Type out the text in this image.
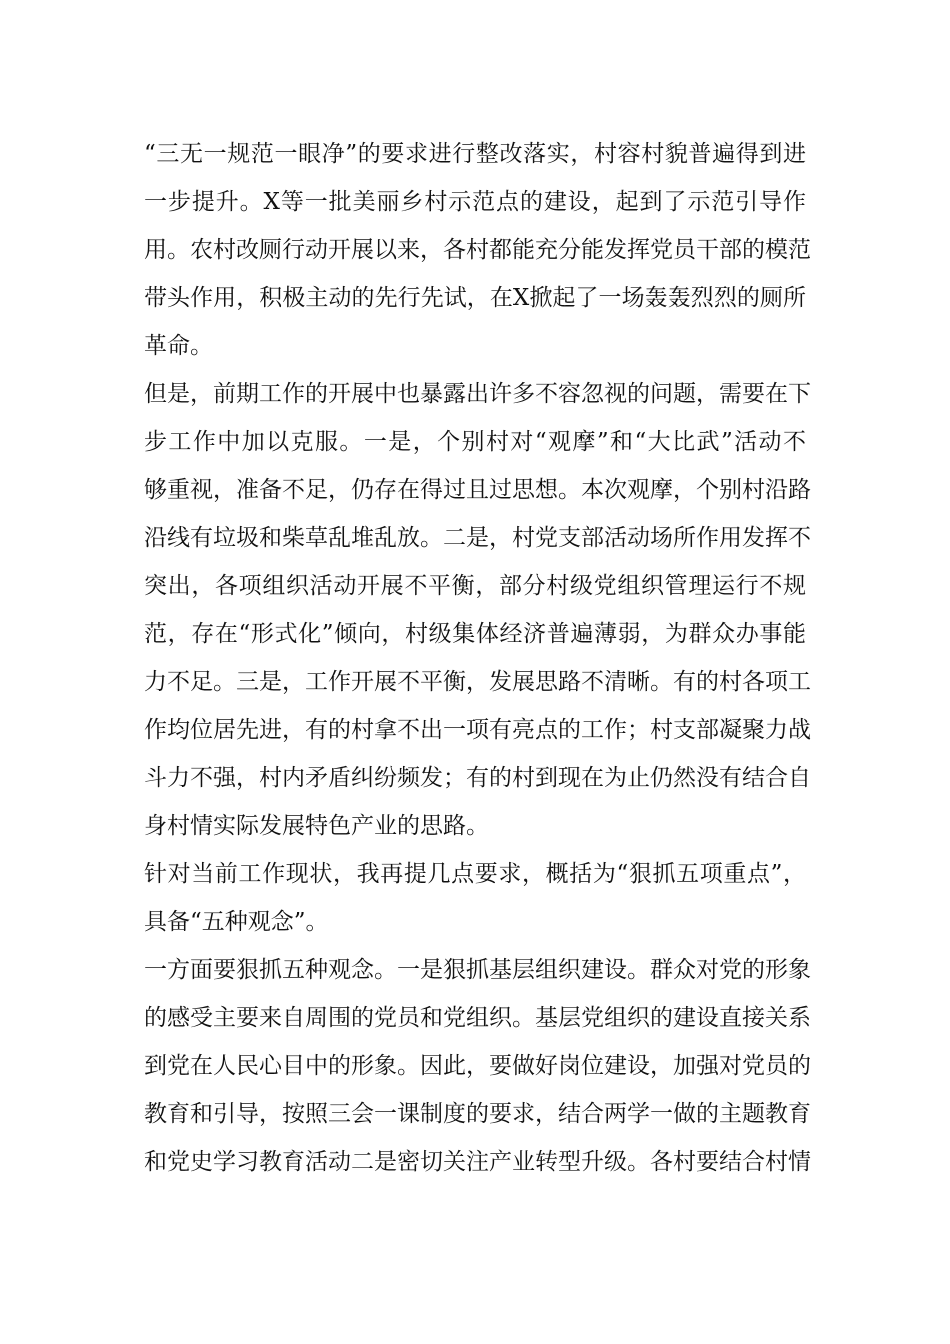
“三无一规范一眼净”的要求进行整改落实，村容村貌普遍得到进
一步提升。X等一批美丽乡村示范点的建设，起到了示范引导作
用。农村改厕行动开展以来，各村都能充分能发挥党员干部的模范
带头作用，积极主动的先行先试，在X掀起了一场轰轰烈烈的厕所
革命。
但是，前期工作的开展中也暴露出许多不容忽视的问题，需要在下
步工作中加以克服。一是，个别村对“观摩”和“大比武”活动不
够重视，准备不足，仍存在得过且过思想。本次观摩，个别村沿路
沿线有垃圾和柴草乱堆乱放。二是，村党支部活动场所作用发挥不
突出，各项组织活动开展不平衡，部分村级党组织管理运行不规
范，存在“形式化”倾向，村级集体经济普遍薄弱，为群众办事能
力不足。三是，工作开展不平衡，发展思路不清晰。有的村各项工
作均位居先进，有的村拿不出一项有亮点的工作；村支部凝聚力战
斗力不强，村内矛盾纠纷频发；有的村到现在为止仍然没有结合自
身村情实际发展特色产业的思路。
针对当前工作现状，我再提几点要求，概括为“狠抓五项重点”，
具备“五种观念”。
一方面要狠抓五种观念。一是狠抓基层组织建设。群众对党的形象
的感受主要来自周围的党员和党组织。基层党组织的建设直接关系
到党在人民心目中的形象。因此，要做好岗位建设，加强对党员的
教育和引导，按照三会一课制度的要求，结合两学一做的主题教育
和党史学习教育活动二是密切关注产业转型升级。各村要结合村情
